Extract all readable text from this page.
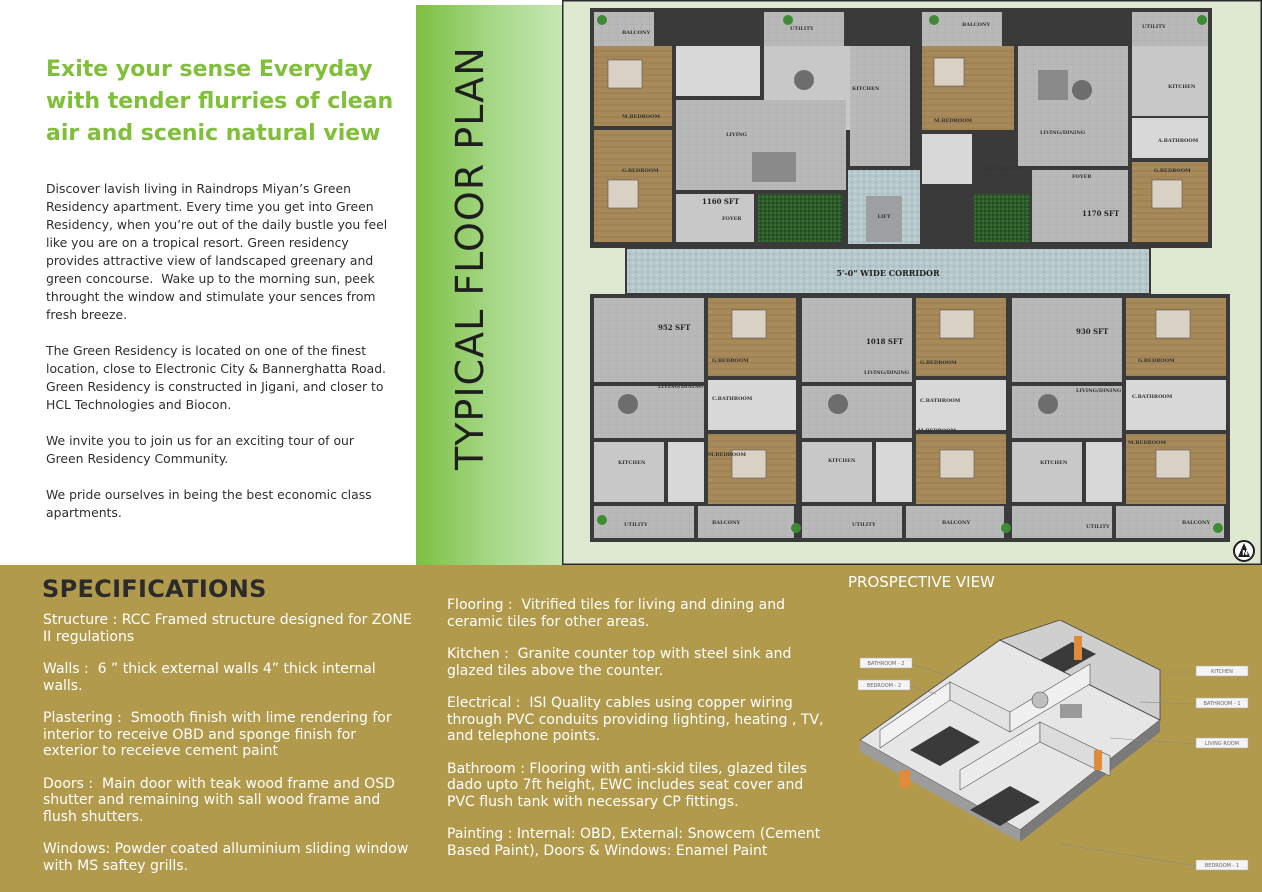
Exite your sense Everyday with tender flurries of clean air and scenic natural view

Discover lavish living in Raindrops Miyan’s Green Residency apartment. Every time you get into Green Residency, when you’re out of the daily bustle you feel like you are on a tropical resort. Green residency provides attractive view of landscaped greenary and green concourse.  Wake up to the morning sun, peek throught the window and stimulate your sences from fresh breeze.

The Green Residency is located on one of the finest location, close to Electronic City & Bannerghatta Road. Green Residency is constructed in Jigani, and closer to HCL Technologies and Biocon.

We invite you to join us for an exciting tour of our Green Residency Community.

We pride ourselves in being the best economic class apartments.

TYPICAL FLOOR PLAN	LIFT
1160 SFT
1170 SFT
BALCONY
UTILITY
BALCONY	UTILITY
M.BEDROOM
M.BEDROOM
G.BEDROOM	G.BEDROOM
LIVING	LIVING/DINING
KITCHEN	KITCHEN
FOYER
FOYER
A.BATHROOM
A.BATHROOM
5'-0" WIDE CORRIDOR
952 SFT
1018 SFT
930 SFT
G.BEDROOM	G.BEDROOM	G.BEDROOM
LIVING/DINING
LIVING/DINING
LIVING/DINING
C.BATHROOM	C.BATHROOM
C.BATHROOM
M.BEDROOM
M.BEDROOM
M.BEDROOM
KITCHEN	KITCHEN	KITCHEN
UTILITY	UTILITY	UTILITY
BALCONY	BALCONY	BALCONY
N
SPECIFICATIONS
Structure : RCC Framed structure designed for ZONE II regulations
Walls :  6 ” thick external walls 4” thick internal walls.
Plastering :  Smooth finish with lime rendering for interior to receive OBD and sponge finish for exterior to receieve cement paint
Doors :  Main door with teak wood frame and OSD shutter and remaining with sall wood frame and flush shutters.
Windows: Powder coated alluminium sliding window with MS saftey grills.
Flooring :  Vitrified tiles for living and dining and ceramic tiles for other areas.
Kitchen :  Granite counter top with steel sink and glazed tiles above the counter.
Electrical :  ISI Quality cables using copper wiring through PVC conduits providing lighting, heating , TV, and telephone points.
Bathroom : Flooring with anti-skid tiles, glazed tiles dado upto 7ft height, EWC includes seat cover and PVC flush tank with necessary CP fittings.
Painting : Internal: OBD, External: Snowcem (Cement Based Paint), Doors & Windows: Enamel Paint
PROSPECTIVE VIEW
BATHROOM - 2
BEDROOM - 2
KITCHEN
BATHROOM - 1
LIVING ROOM
BEDROOM - 1
